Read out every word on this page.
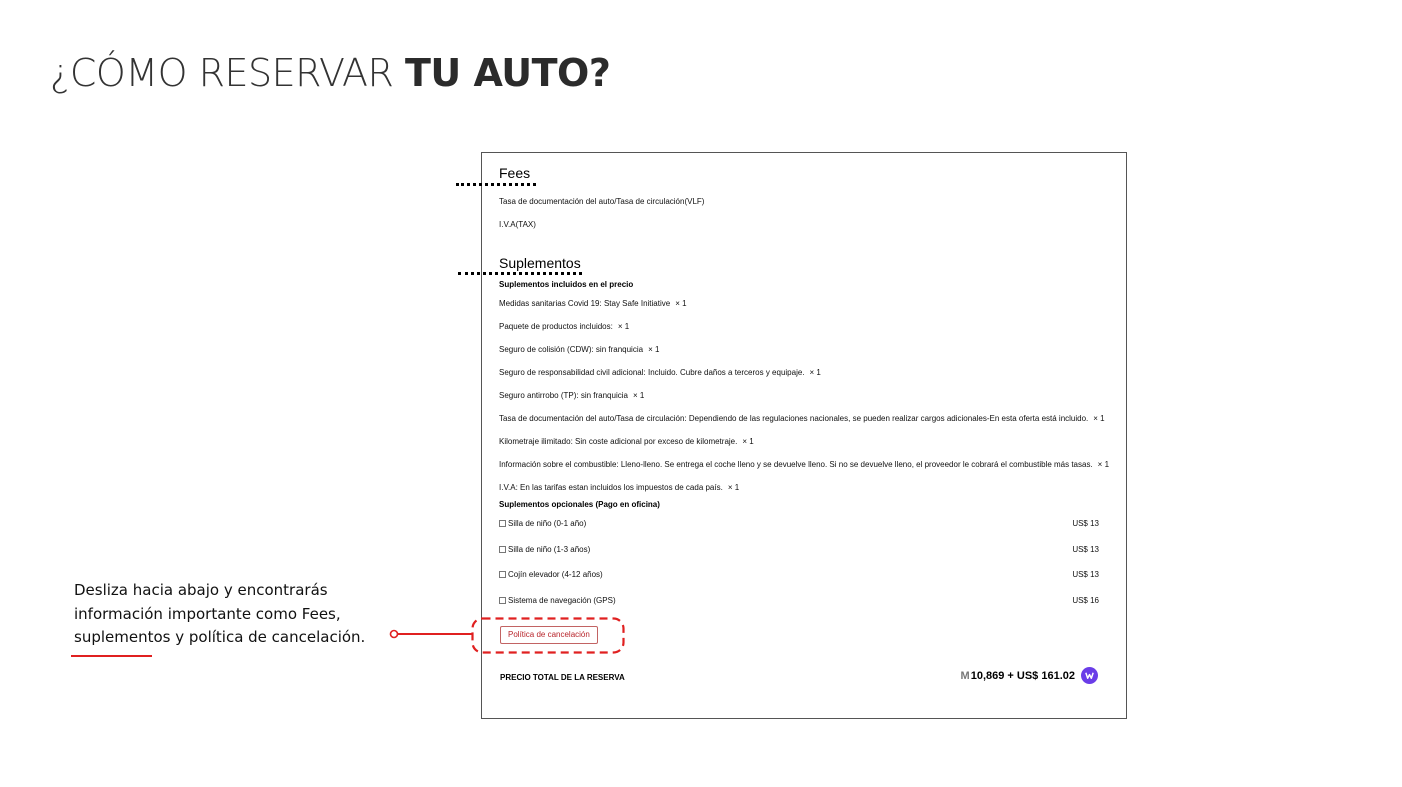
¿CÓMO RESERVAR TU AUTO?
Fees
Tasa de documentación del auto/Tasa de circulación(VLF)
I.V.A(TAX)
Suplementos
Suplementos incluidos en el precio
Medidas sanitarias Covid 19: Stay Safe Initiative × 1
Paquete de productos incluidos: × 1
Seguro de colisión (CDW): sin franquicia × 1
Seguro de responsabilidad civil adicional: Incluido. Cubre daños a terceros y equipaje. × 1
Seguro antirrobo (TP): sin franquicia × 1
Tasa de documentación del auto/Tasa de circulación: Dependiendo de las regulaciones nacionales, se pueden realizar cargos adicionales-En esta oferta está incluido. × 1
Kilometraje ilimitado: Sin coste adicional por exceso de kilometraje. × 1
Información sobre el combustible: Lleno-lleno. Se entrega el coche lleno y se devuelve lleno. Si no se devuelve lleno, el proveedor le cobrará el combustible más tasas. × 1
I.V.A: En las tarifas estan incluidos los impuestos de cada país. × 1
Suplementos opcionales (Pago en oficina)
Silla de niño (0-1 año)	US$ 13
Silla de niño (1-3 años)	US$ 13
Cojín elevador (4-12 años)	US$ 13
Sistema de navegación (GPS)	US$ 16
Política de cancelación
PRECIO TOTAL DE LA RESERVA	M 10,869 + US$ 161.02
Desliza hacia abajo y encontrarás información importante como Fees, suplementos y política de cancelación.
